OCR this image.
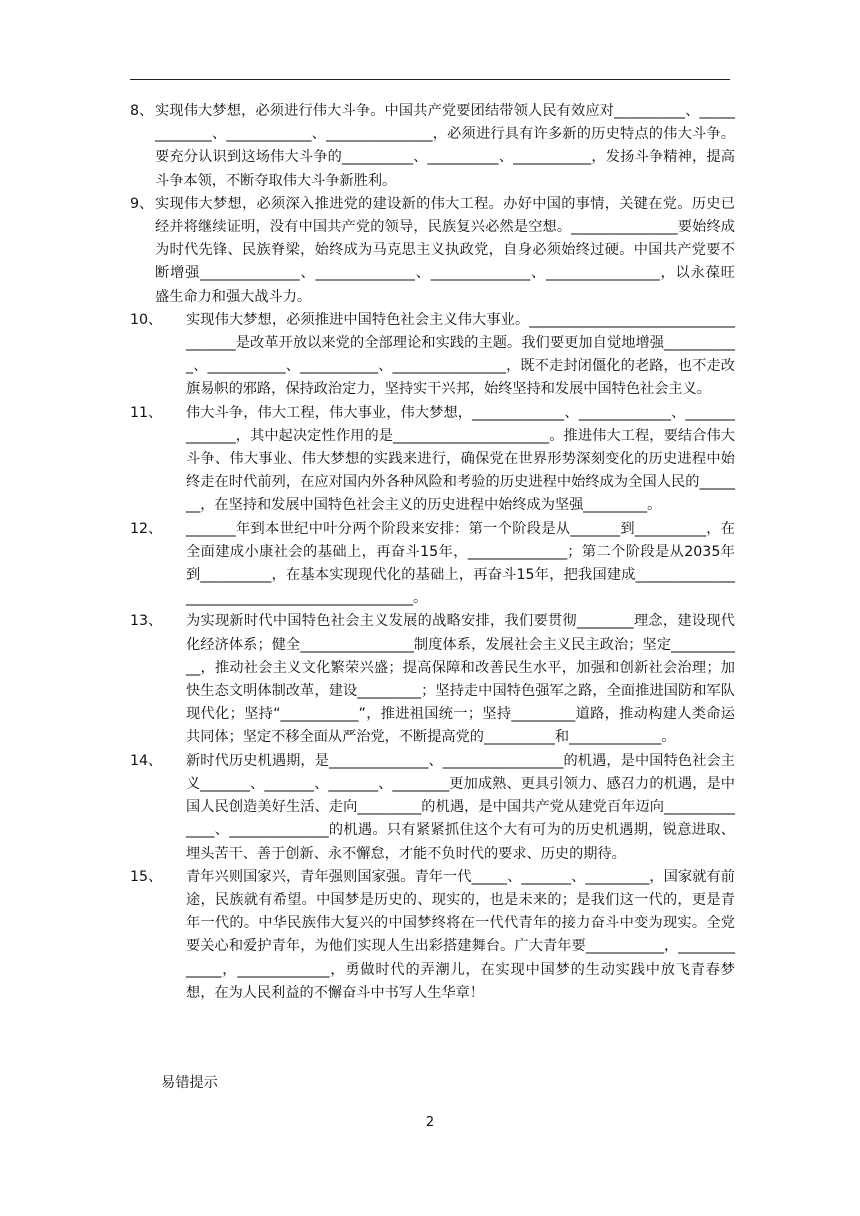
8、 实现伟大梦想，必须进行伟大斗争。中国共产党要团结带领人民有效应对__________、_____________、____________、_______________，必须进行具有许多新的历史特点的伟大斗争。要充分认识到这场伟大斗争的__________、__________、___________，发扬斗争精神，提高斗争本领，不断夺取伟大斗争新胜利。
9、 实现伟大梦想，必须深入推进党的建设新的伟大工程。办好中国的事情，关键在党。历史已经并将继续证明，没有中国共产党的领导，民族复兴必然是空想。_______________要始终成为时代先锋、民族脊梁，始终成为马克思主义执政党，自身必须始终过硬。中国共产党要不断增强______________、______________、______________、________________，以永葆旺盛生命力和强大战斗力。
10、	实现伟大梦想，必须推进中国特色社会主义伟大事业。____________________________________是改革开放以来党的全部理论和实践的主题。我们要更加自觉地增强___________、___________、___________、________________，既不走封闭僵化的老路，也不走改旗易帜的邪路，保持政治定力，坚持实干兴邦，始终坚持和发展中国特色社会主义。
11、	伟大斗争，伟大工程，伟大事业，伟大梦想，_____________、_____________、______________，其中起决定性作用的是______________________。推进伟大工程，要结合伟大斗争、伟大事业、伟大梦想的实践来进行，确保党在世界形势深刻变化的历史进程中始终走在时代前列，在应对国内外各种风险和考验的历史进程中始终成为全国人民的_______，在坚持和发展中国特色社会主义的历史进程中始终成为坚强_________。
12、	_______年到本世纪中叶分两个阶段来安排：第一个阶段是从_______到__________，在全面建成小康社会的基础上，再奋斗15年，______________；第二个阶段是从2035年到__________，在基本实现现代化的基础上，再奋斗15年，把我国建成______________________________________________。
13、	为实现新时代中国特色社会主义发展的战略安排，我们要贯彻________理念，建设现代化经济体系；健全________________制度体系，发展社会主义民主政治；坚定___________，推动社会主义文化繁荣兴盛；提高保障和改善民生水平，加强和创新社会治理；加快生态文明体制改革，建设_________；坚持走中国特色强军之路，全面推进国防和军队现代化；坚持“___________”，推进祖国统一；坚持_________道路，推动构建人类命运共同体；坚定不移全面从严治党，不断提高党的__________和_____________。
14、	新时代历史机遇期，是______________、_________________的机遇，是中国特色社会主义_______、_______、_______、________更加成熟、更具引领力、感召力的机遇，是中国人民创造美好生活、走向_________的机遇，是中国共产党从建党百年迈向______________、______________的机遇。只有紧紧抓住这个大有可为的历史机遇期，锐意进取、埋头苦干、善于创新、永不懈怠，才能不负时代的要求、历史的期待。
15、	青年兴则国家兴，青年强则国家强。青年一代_____、_______、_________，国家就有前途，民族就有希望。中国梦是历史的、现实的，也是未来的；是我们这一代的，更是青年一代的。中华民族伟大复兴的中国梦终将在一代代青年的接力奋斗中变为现实。全党要关心和爱护青年，为他们实现人生出彩搭建舞台。广大青年要___________，_____________，_____________，勇做时代的弄潮儿，在实现中国梦的生动实践中放飞青春梦想，在为人民利益的不懈奋斗中书写人生华章！
易错提示
2
